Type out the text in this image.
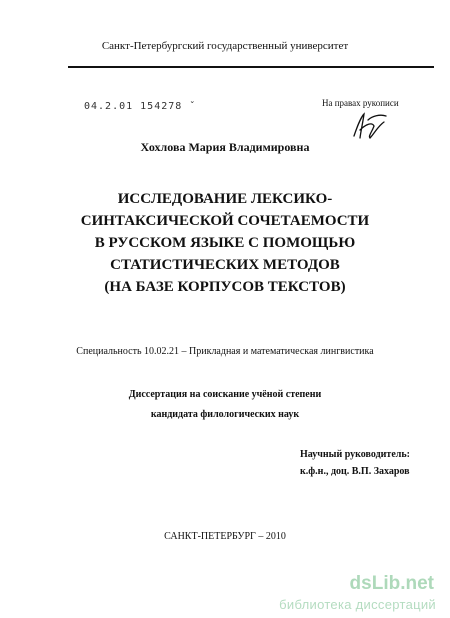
Санкт-Петербургский государственный университет
04.2.01 154278 ˇ	На правах рукописи
Хохлова Мария Владимировна
ИССЛЕДОВАНИЕ ЛЕКСИКО-
СИНТАКСИЧЕСКОЙ СОЧЕТАЕМОСТИ
В РУССКОМ ЯЗЫКЕ С ПОМОЩЬЮ
СТАТИСТИЧЕСКИХ МЕТОДОВ
(НА БАЗЕ КОРПУСОВ ТЕКСТОВ)
Специальность 10.02.21 – Прикладная и математическая лингвистика
Диссертация на соискание учёной степени
кандидата филологических наук
Научный руководитель:
к.ф.н., доц. В.П. Захаров
САНКТ-ПЕТЕРБУРГ – 2010
dsLib.net
библиотека диссертаций
